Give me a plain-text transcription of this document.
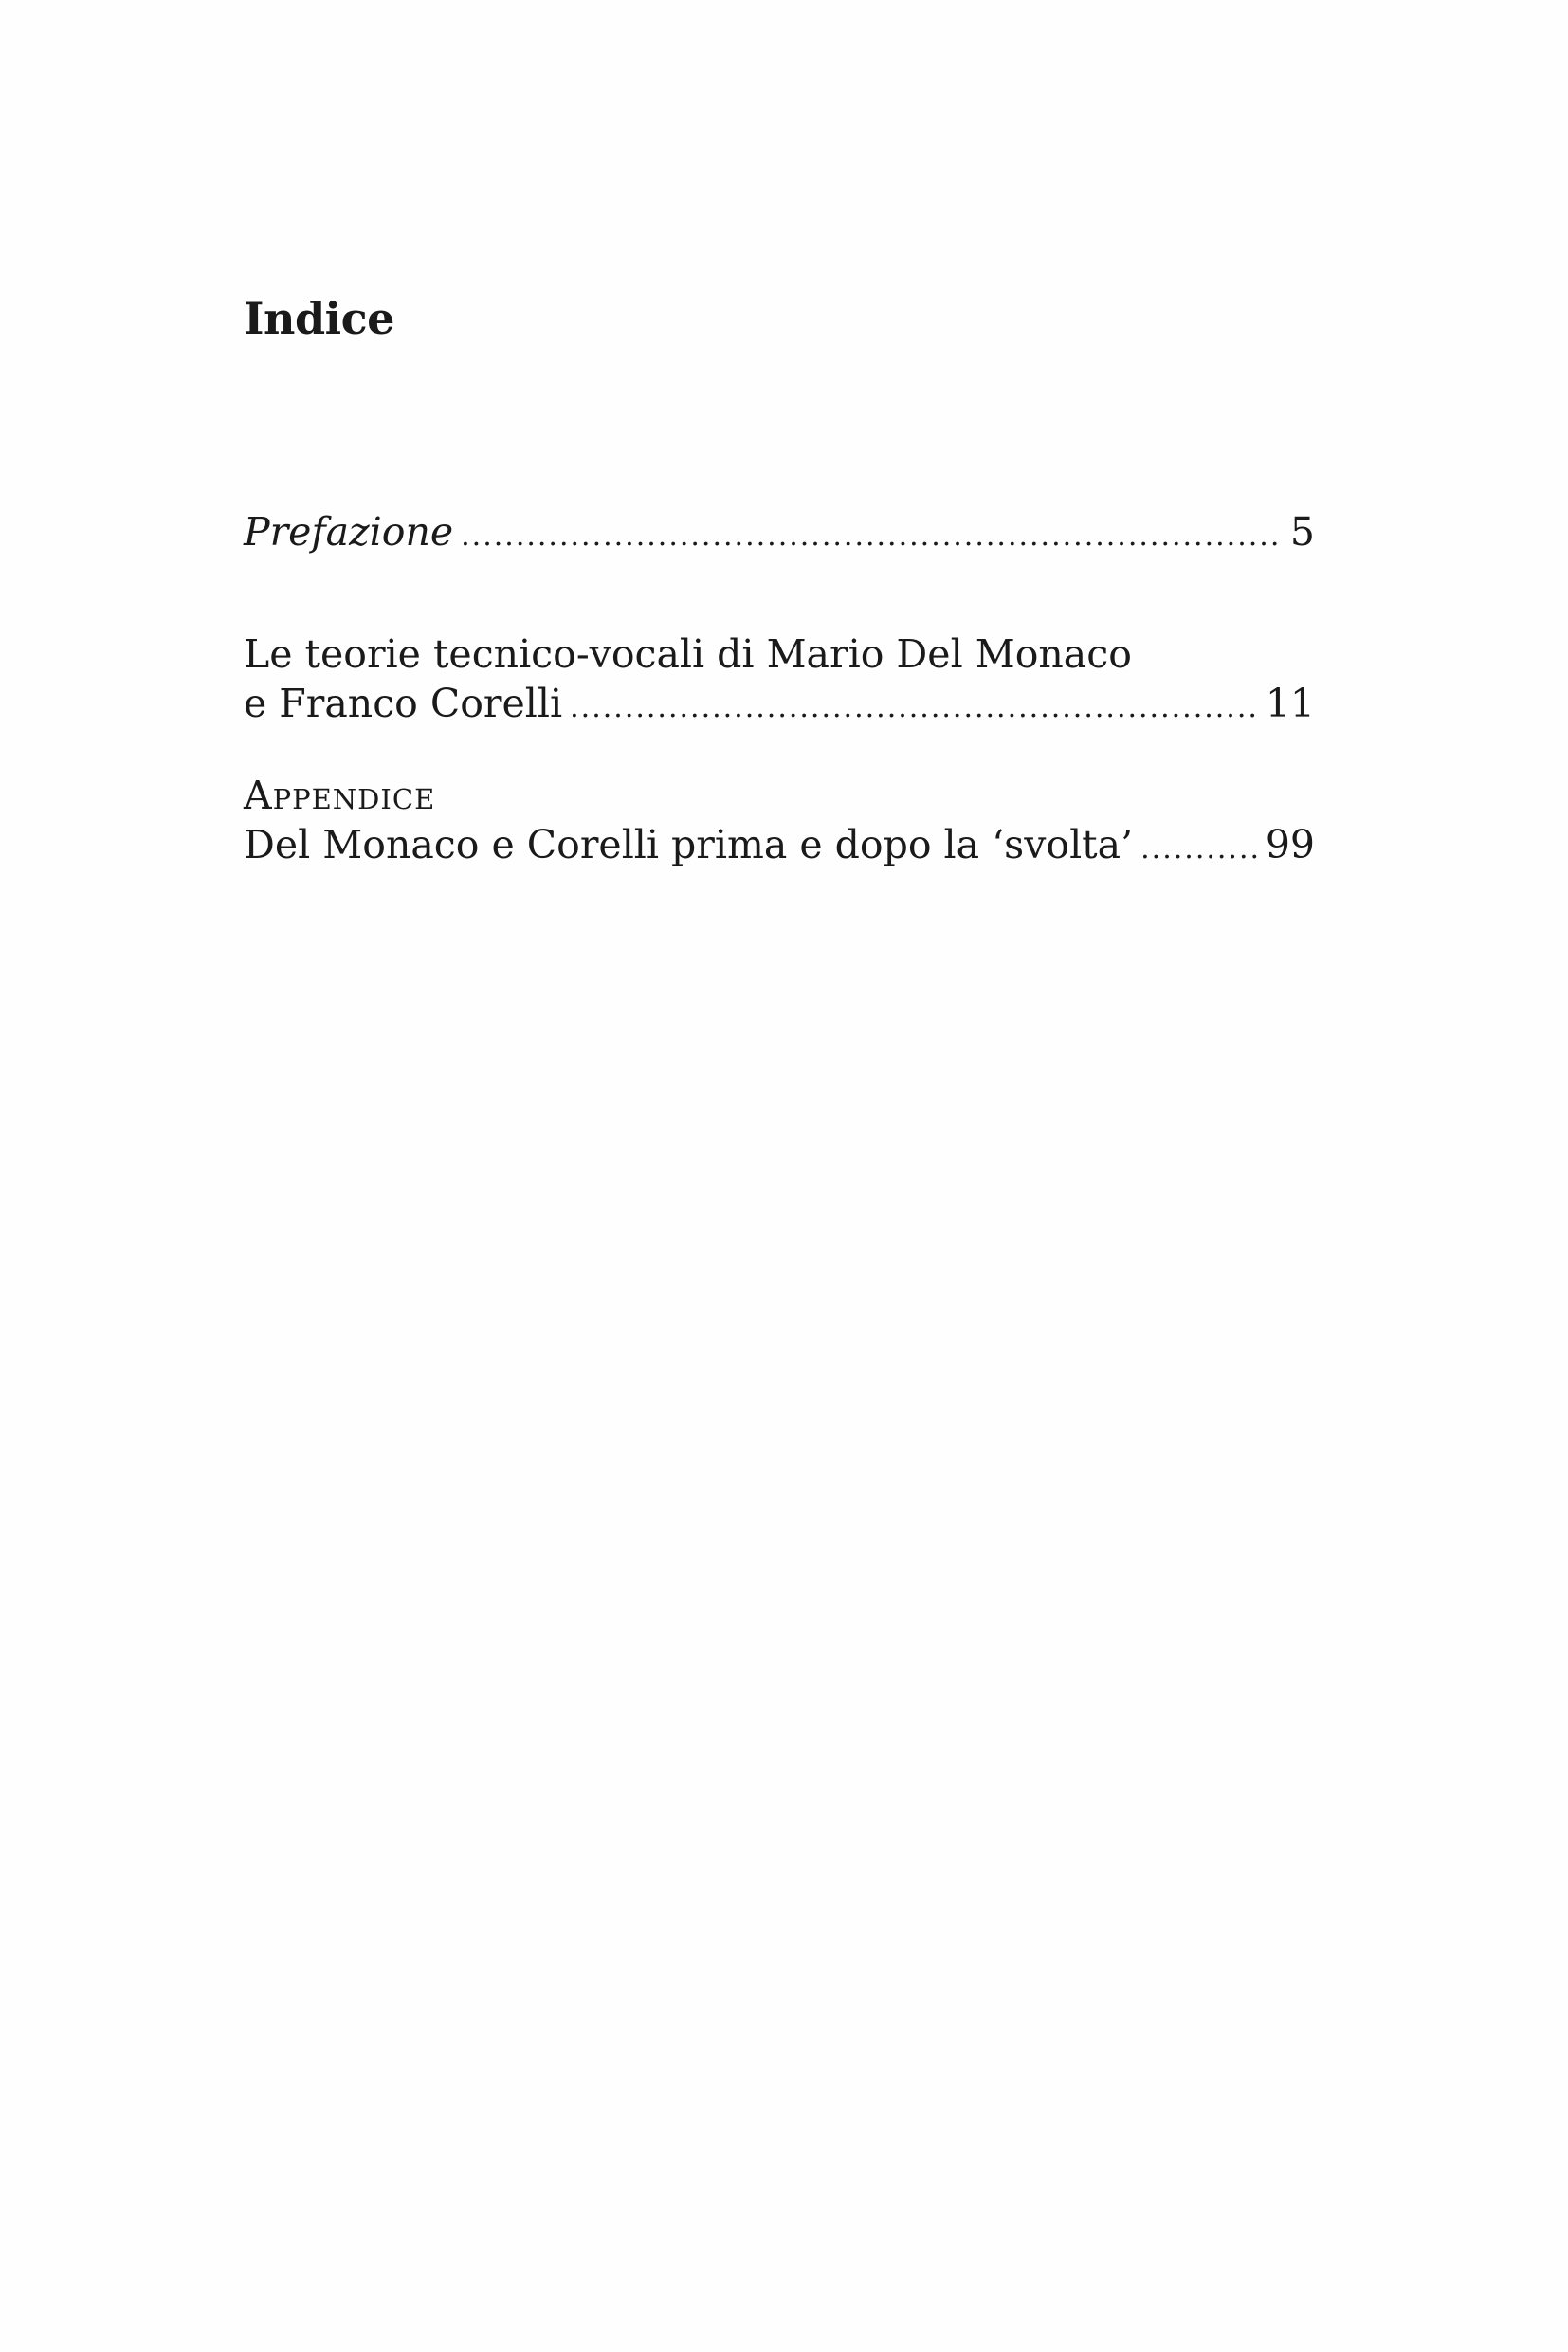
Indice
Prefazione .....	5
Le teorie tecnico-vocali di Mario Del Monaco
e Franco Corelli .....	11
Appendice
Del Monaco e Corelli prima e dopo la ‘svolta’ .....	99
